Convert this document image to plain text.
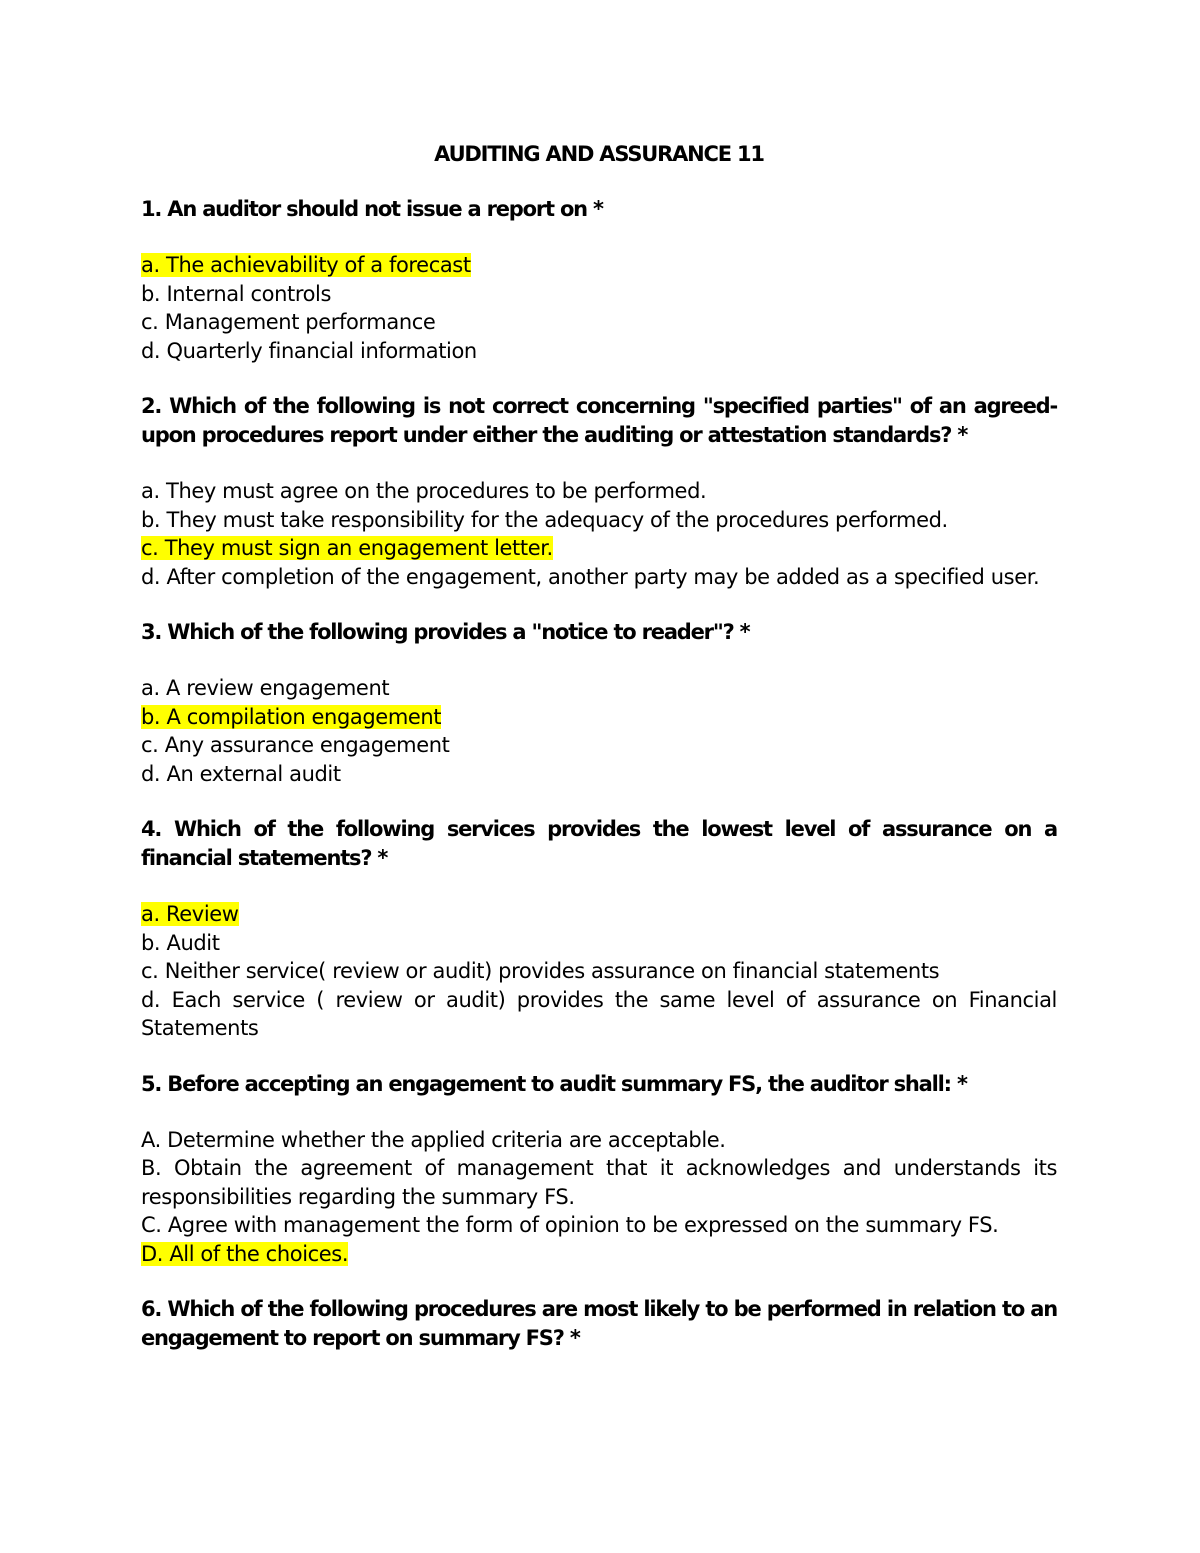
AUDITING AND ASSURANCE 11
1. An auditor should not issue a report on *
a. The achievability of a forecast
b. Internal controls
c. Management performance
d. Quarterly financial information
2. Which of the following is not correct concerning "specified parties" of an agreed-upon procedures report under either the auditing or attestation standards? *
a. They must agree on the procedures to be performed.
b. They must take responsibility for the adequacy of the procedures performed.
c. They must sign an engagement letter.
d. After completion of the engagement, another party may be added as a specified user.
3. Which of the following provides a "notice to reader"? *
a. A review engagement
b. A compilation engagement
c. Any assurance engagement
d. An external audit
4. Which of the following services provides the lowest level of assurance on a financial statements? *
a. Review
b. Audit
c. Neither service( review or audit) provides assurance on financial statements
d. Each service ( review or audit) provides the same level of assurance on Financial Statements
5. Before accepting an engagement to audit summary FS, the auditor shall: *
A. Determine whether the applied criteria are acceptable.
B. Obtain the agreement of management that it acknowledges and understands its responsibilities regarding the summary FS.
C. Agree with management the form of opinion to be expressed on the summary FS.
D. All of the choices.
6. Which of the following procedures are most likely to be performed in relation to an engagement to report on summary FS? *
